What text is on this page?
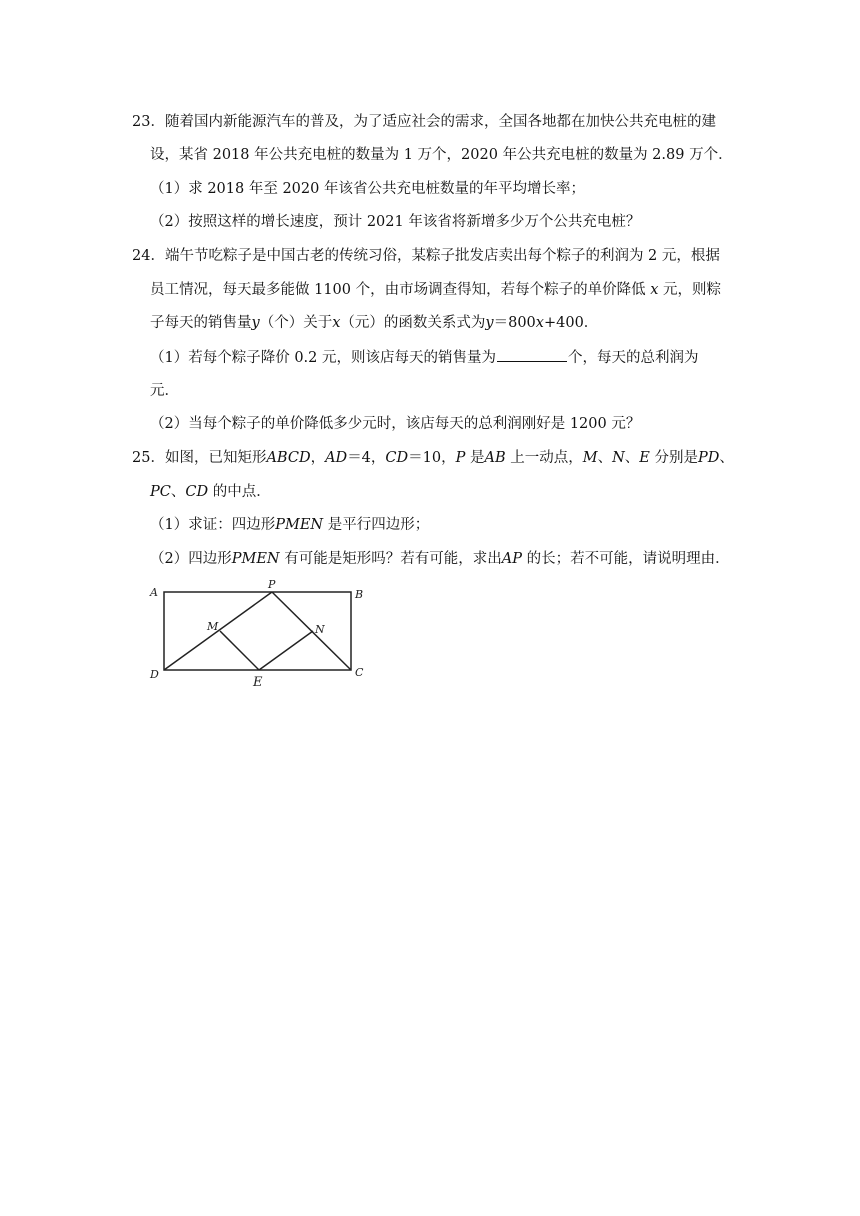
23．随着国内新能源汽车的普及，为了适应社会的需求，全国各地都在加快公共充电桩的建
设，某省 2018 年公共充电桩的数量为 1 万个，2020 年公共充电桩的数量为 2.89 万个．
（1）求 2018 年至 2020 年该省公共充电桩数量的年平均增长率；
（2）按照这样的增长速度，预计 2021 年该省将新增多少万个公共充电桩？
24．端午节吃粽子是中国古老的传统习俗，某粽子批发店卖出每个粽子的利润为 2 元，根据
员工情况，每天最多能做 1100 个，由市场调查得知，若每个粽子的单价降低 x 元，则粽
子每天的销售量y（个）关于x（元）的函数关系式为y＝800x+400．
（1）若每个粽子降价 0.2 元，则该店每天的销售量为	个，每天的总利润为
元．
（2）当每个粽子的单价降低多少元时，该店每天的总利润刚好是 1200 元？
25．如图，已知矩形ABCD，AD＝4，CD＝10，P 是AB 上一动点，M、N、E 分别是PD、
PC、CD 的中点．
（1）求证：四边形PMEN 是平行四边形；
（2）四边形PMEN 有可能是矩形吗？若有可能，求出AP 的长；若不可能，请说明理由．
A	B
C
D
P
M	N
E
